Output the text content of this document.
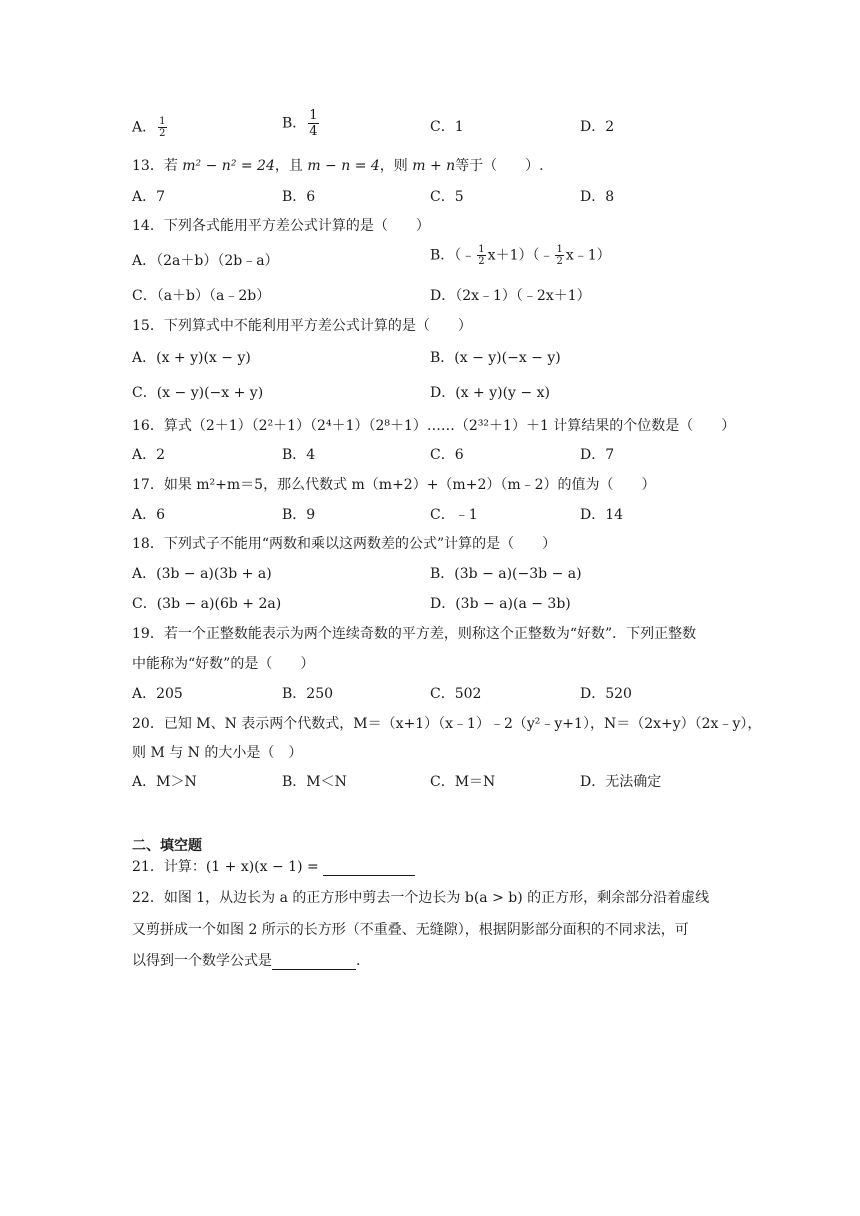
A． $\frac{1}{2}$	B． $\frac{1}{4}$	C．1	D．2
13．若 m² − n² = 24，且 m − n = 4，则 m + n等于（　　）.
A．7	B．6	C．5	D．8
14．下列各式能用平方差公式计算的是（　　）
A．（2a＋b）（2b﹣a）	B．（﹣ $\frac{1}{2}$ x＋1）（﹣ $\frac{1}{2}$ x﹣1）
C．（a＋b）（a﹣2b）	D．（2x﹣1）（﹣2x＋1）
15．下列算式中不能利用平方差公式计算的是（　　）
A．(x + y)(x − y)	B．(x − y)(−x − y)
C．(x − y)(−x + y)	D．(x + y)(y − x)
16．算式（2＋1）（2²＋1）（2⁴＋1）（2⁸＋1）……（2³²＋1）＋1 计算结果的个位数是（　　）
A．2	B．4	C．6	D．7
17．如果 m²+m＝5，那么代数式 m（m+2）+（m+2）（m﹣2）的值为（　　）
A．6	B．9	C．﹣1	D．14
18．下列式子不能用“两数和乘以这两数差的公式”计算的是（　　）
A．(3b − a)(3b + a)	B．(3b − a)(−3b − a)
C．(3b − a)(6b + 2a)	D．(3b − a)(a − 3b)
19．若一个正整数能表示为两个连续奇数的平方差，则称这个正整数为“好数”．下列正整数
中能称为“好数”的是（　　）
A．205	B．250	C．502	D．520
20．已知 M、N 表示两个代数式，M＝（x+1）（x﹣1）﹣2（y²﹣y+1），N＝（2x+y）（2x﹣y），
则 M 与 N 的大小是（　）
A．M＞N	B．M＜N	C．M＝N	D．无法确定
二、填空题
21．计算：(1 + x)(x − 1) =
22．如图 1，从边长为 a 的正方形中剪去一个边长为 b(a > b) 的正方形，剩余部分沿着虚线
又剪拼成一个如图 2 所示的长方形（不重叠、无缝隙），根据阴影部分面积的不同求法，可
以得到一个数学公式是	.
